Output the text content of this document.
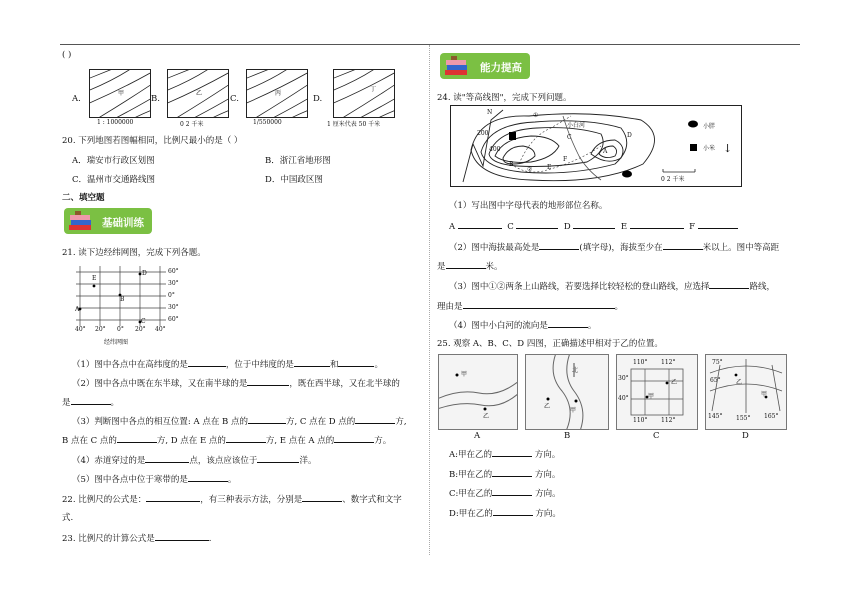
( )
A.
甲
1 : 1000000
B.
乙
0 2 千米
C.
丙
1/550000
D.
丁
1 厘米代表 50 千米
20. 下列地图若图幅相同，比例尺最小的是（ ）
A．瑞安市行政区划图	B．浙江省地形图
C．温州市交通路线图	D．中国政区图
二、填空题
基础训练
21. 读下边经纬网图，完成下列各题。
E
D
A
B
C
60°
30°
0°
30°
60°
40° 20° 0° 20° 40°
经纬网图
（1）图中各点中在高纬度的是	，位于中纬度的是	和	。
（2）图中各点中既在东半球，又在南半球的是	，既在西半球，又在北半球的
是	。
（3）判断图中各点的相互位置: A 点在 B 点的	方, C 点在 D 点的	方,
B 点在 C 点的	方, D 点在 E 点的	方, E 点在 A 点的	方。
（4）赤道穿过的是	点，该点应该位于	洋。
（5）图中各点中位于寒带的是	。
22. 比例尺的公式是：	，有三种表示方法，分别是	、数字式和文字
式.
23. 比例尺的计算公式是	.
能力提高
24. 读"等高线图"，完成下列问题。
N
200
400
①
②
小白河
C	D
F
A
B	E
0 2 千米
小胖
小米 ↓
（1）写出图中字母代表的地形部位名称。
A	C	D	E	F
（2）图中海拔最高处是	(填字母)，海拔至少在	米以上。图中等高距
是	米。
（3）图中①②两条上山路线，若要选择比较轻松的登山路线，应选择	路线，
理由是	。
（4）图中小白河的流向是	。
25. 观察 A、B、C、D 四图，正确描述甲相对于乙的位置。
甲
乙
A
乙
甲
北
B
110° 112°
110° 112°
30°
40°
乙
甲
C
75°
65°	乙
甲
145° 155° 165°
D
A:甲在乙的	方向。
B:甲在乙的	方向。
C:甲在乙的	方向。
D:甲在乙的	方向。
